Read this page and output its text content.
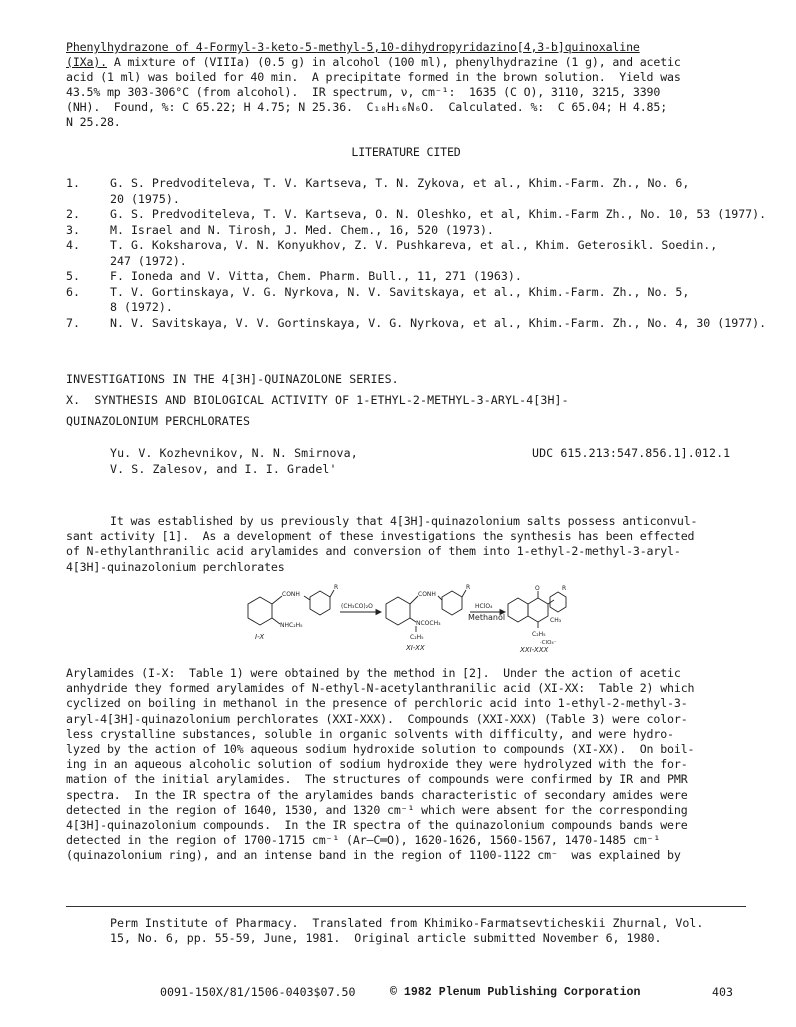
Phenylhydrazone of 4-Formyl-3-keto-5-methyl-5,10-dihydropyridazino[4,3-b]quinoxaline
(IXa). A mixture of (VIIIa) (0.5 g) in alcohol (100 ml), phenylhydrazine (1 g), and acetic
acid (1 ml) was boiled for 40 min.  A precipitate formed in the brown solution.  Yield was
43.5% mp 303-306°C (from alcohol).  IR spectrum, ν, cm⁻¹:  1635 (C O), 3110, 3215, 3390
(NH).  Found, %: C 65.22; H 4.75; N 25.36.  C₁₈H₁₆N₆O.  Calculated. %:  C 65.04; H 4.85;
N 25.28.
LITERATURE CITED
1.	G. S. Predvoditeleva, T. V. Kartseva, T. N. Zykova, et al., Khim.-Farm. Zh., No. 6,
20 (1975).
2.	G. S. Predvoditeleva, T. V. Kartseva, O. N. Oleshko, et al, Khim.-Farm Zh., No. 10, 53 (1977).
3.	M. Israel and N. Tirosh, J. Med. Chem., 16, 520 (1973).
4.	T. G. Koksharova, V. N. Konyukhov, Z. V. Pushkareva, et al., Khim. Geterosikl. Soedin.,
247 (1972).
5.	F. Ioneda and V. Vitta, Chem. Pharm. Bull., 11, 271 (1963).
6.	T. V. Gortinskaya, V. G. Nyrkova, N. V. Savitskaya, et al., Khim.-Farm. Zh., No. 5,
8 (1972).
7.	N. V. Savitskaya, V. V. Gortinskaya, V. G. Nyrkova, et al., Khim.-Farm. Zh., No. 4, 30 (1977).
INVESTIGATIONS IN THE 4[3H]-QUINAZOLONE SERIES.
X.  SYNTHESIS AND BIOLOGICAL ACTIVITY OF 1-ETHYL-2-METHYL-3-ARYL-4[3H]-
QUINAZOLONIUM PERCHLORATES
Yu. V. Kozhevnikov, N. N. Smirnova,
V. S. Zalesov, and I. I. Gradel'
UDC 615.213:547.856.1].012.1
It was established by us previously that 4[3H]-quinazolonium salts possess anticonvul-
sant activity [1].  As a development of these investigations the synthesis has been effected
of N-ethylanthranilic acid arylamides and conversion of them into 1-ethyl-2-methyl-3-aryl-
4[3H]-quinazolonium perchlorates
CONH
NHC₂H₅
R
I-X
(CH₃CO)₂O
CONH
NCOCH₃
C₂H₅
R
XI-XX
HClO₄
Methanol
O	R
CH₃
C₂H₅
·ClO₄⁻
XXI-XXX
Arylamides (I-X:  Table 1) were obtained by the method in [2].  Under the action of acetic
anhydride they formed arylamides of N-ethyl-N-acetylanthranilic acid (XI-XX:  Table 2) which
cyclized on boiling in methanol in the presence of perchloric acid into 1-ethyl-2-methyl-3-
aryl-4[3H]-quinazolonium perchlorates (XXI-XXX).  Compounds (XXI-XXX) (Table 3) were color-
less crystalline substances, soluble in organic solvents with difficulty, and were hydro-
lyzed by the action of 10% aqueous sodium hydroxide solution to compounds (XI-XX).  On boil-
ing in an aqueous alcoholic solution of sodium hydroxide they were hydrolyzed with the for-
mation of the initial arylamides.  The structures of compounds were confirmed by IR and PMR
spectra.  In the IR spectra of the arylamides bands characteristic of secondary amides were
detected in the region of 1640, 1530, and 1320 cm⁻¹ which were absent for the corresponding
4[3H]-quinazolonium compounds.  In the IR spectra of the quinazolonium compounds bands were
detected in the region of 1700-1715 cm⁻¹ (Ar—C═O), 1620-1626, 1560-1567, 1470-1485 cm⁻¹
(quinazolonium ring), and an intense band in the region of 1100-1122 cm⁻  was explained by
Perm Institute of Pharmacy.  Translated from Khimiko-Farmatsevticheskii Zhurnal, Vol.
15, No. 6, pp. 55-59, June, 1981.  Original article submitted November 6, 1980.
0091-150X/81/1506-0403$07.50	© 1982 Plenum Publishing Corporation	403
